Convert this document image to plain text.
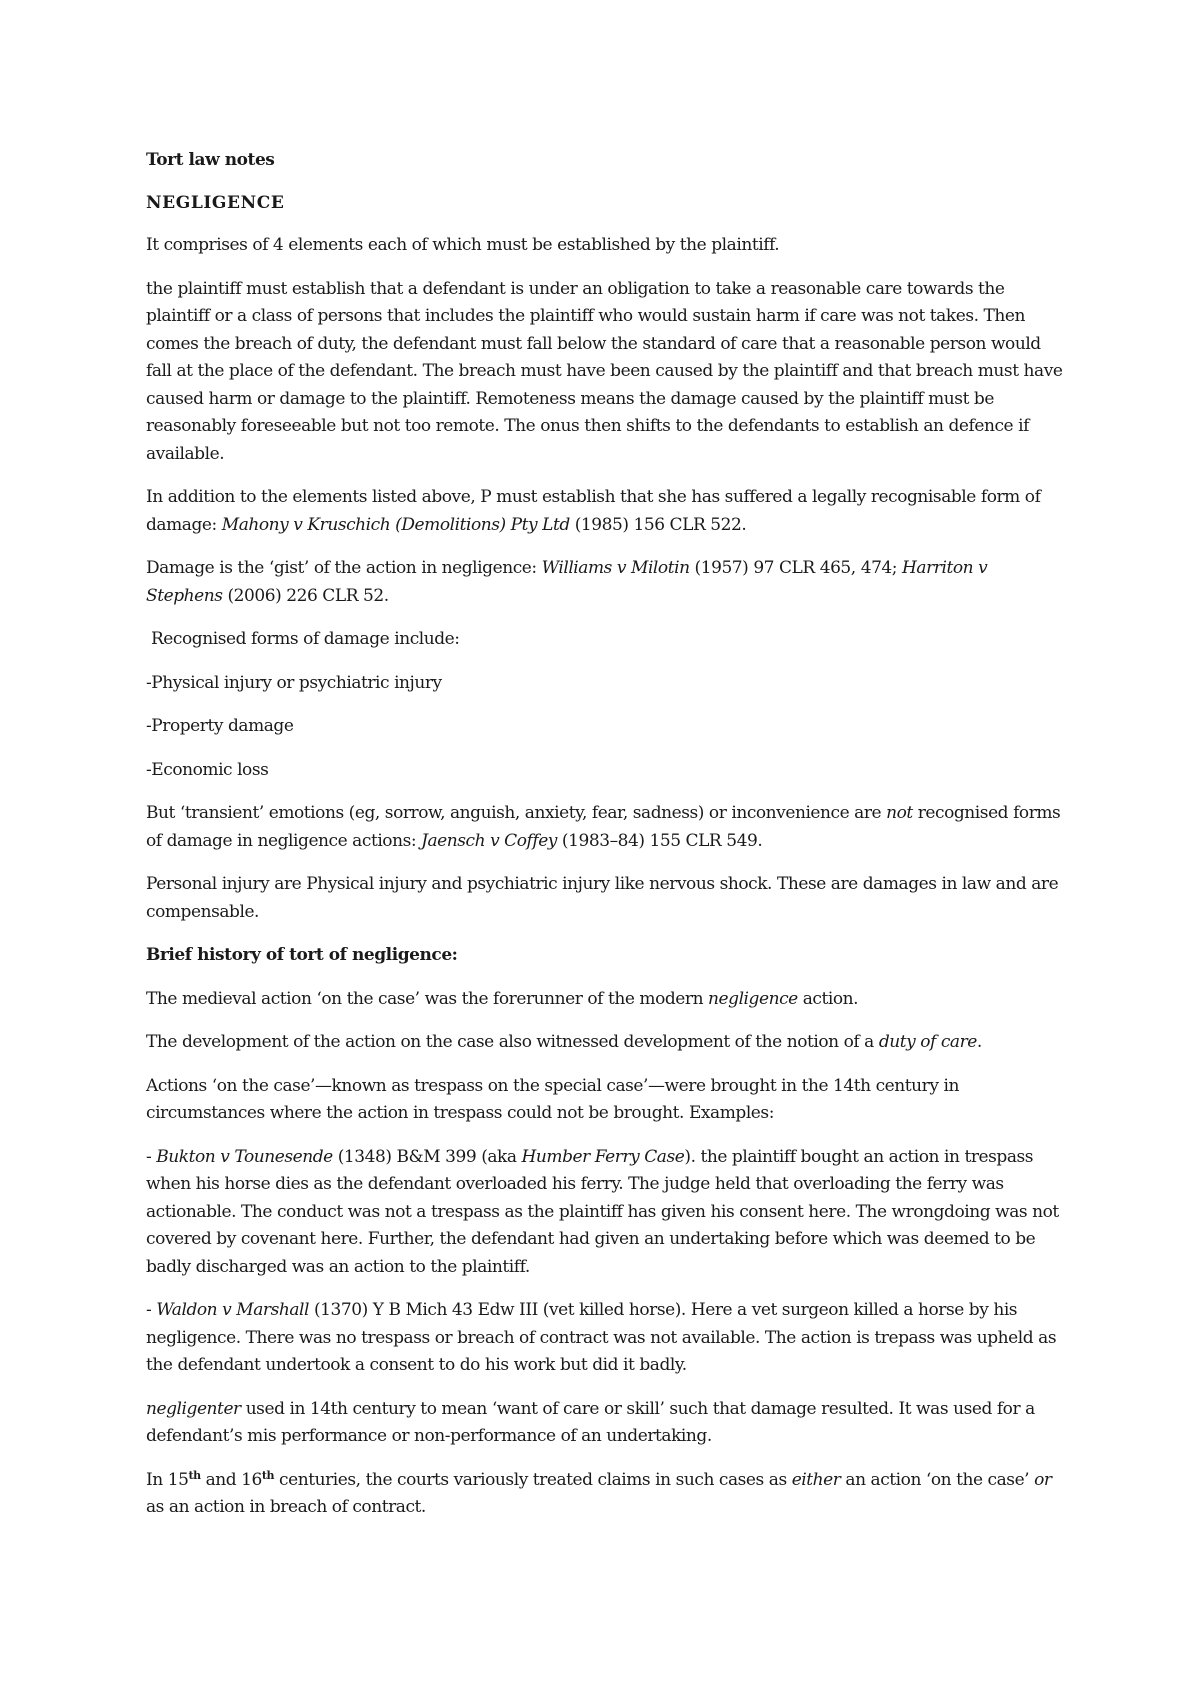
Tort law notes

NEGLIGENCE

It comprises of 4 elements each of which must be established by the plaintiff.

the plaintiff must establish that a defendant is under an obligation to take a reasonable care towards the plaintiff or a class of persons that includes the plaintiff who would sustain harm if care was not takes. Then comes the breach of duty, the defendant must fall below the standard of care that a reasonable person would fall at the place of the defendant. The breach must have been caused by the plaintiff and that breach must have caused harm or damage to the plaintiff. Remoteness means the damage caused by the plaintiff must be reasonably foreseeable but not too remote. The onus then shifts to the defendants to establish an defence if available.

In addition to the elements listed above, P must establish that she has suffered a legally recognisable form of damage: Mahony v Kruschich (Demolitions) Pty Ltd (1985) 156 CLR 522.

Damage is the ‘gist’ of the action in negligence: Williams v Milotin (1957) 97 CLR 465, 474; Harriton v Stephens (2006) 226 CLR 52.

Recognised forms of damage include:

-Physical injury or psychiatric injury

-Property damage

-Economic loss

But ‘transient’ emotions (eg, sorrow, anguish, anxiety, fear, sadness) or inconvenience are not recognised forms of damage in negligence actions: Jaensch v Coffey (1983–84) 155 CLR 549.

Personal injury are Physical injury and psychiatric injury like nervous shock. These are damages in law and are compensable.

Brief history of tort of negligence:

The medieval action ‘on the case’ was the forerunner of the modern negligence action.

The development of the action on the case also witnessed development of the notion of a duty of care.

Actions ‘on the case’—known as trespass on the special case’—were brought in the 14th century in circumstances where the action in trespass could not be brought. Examples:

- Bukton v Tounesende (1348) B&M 399 (aka Humber Ferry Case). the plaintiff bought an action in trespass when his horse dies as the defendant overloaded his ferry. The judge held that overloading the ferry was actionable. The conduct was not a trespass as the plaintiff has given his consent here. The wrongdoing was not covered by covenant here. Further, the defendant had given an undertaking before which was deemed to be badly discharged was an action to the plaintiff.

- Waldon v Marshall (1370) Y B Mich 43 Edw III (vet killed horse). Here a vet surgeon killed a horse by his negligence. There was no trespass or breach of contract was not available. The action is trepass was upheld as the defendant undertook a consent to do his work but did it badly.

negligenter used in 14th century to mean ‘want of care or skill’ such that damage resulted. It was used for a defendant’s mis performance or non-performance of an undertaking.

In 15th and 16th centuries, the courts variously treated claims in such cases as either an action ‘on the case’ or as an action in breach of contract.
